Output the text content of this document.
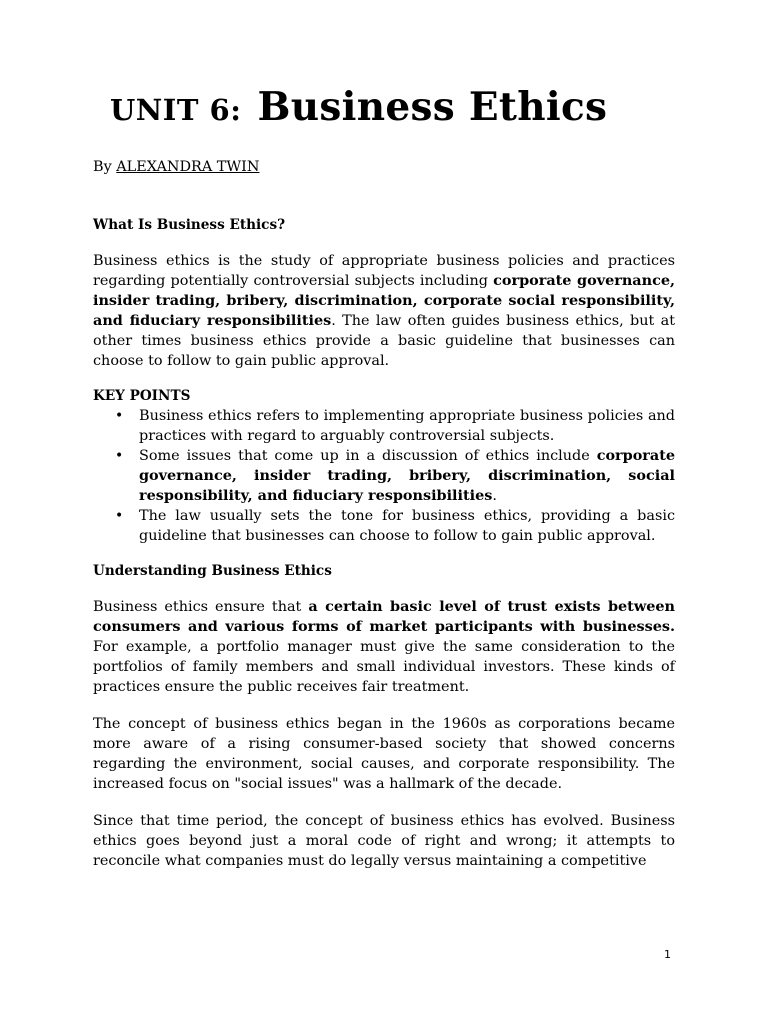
UNIT 6: Business Ethics

By ALEXANDRA TWIN

What Is Business Ethics?

Business ethics is the study of appropriate business policies and practices regarding potentially controversial subjects including corporate governance, insider trading, bribery, discrimination, corporate social responsibility, and fiduciary responsibilities. The law often guides business ethics, but at other times business ethics provide a basic guideline that businesses can choose to follow to gain public approval.

KEY POINTS
• Business ethics refers to implementing appropriate business policies and practices with regard to arguably controversial subjects.
• Some issues that come up in a discussion of ethics include corporate governance, insider trading, bribery, discrimination, social responsibility, and fiduciary responsibilities.
• The law usually sets the tone for business ethics, providing a basic guideline that businesses can choose to follow to gain public approval.
Understanding Business Ethics

Business ethics ensure that a certain basic level of trust exists between consumers and various forms of market participants with businesses. For example, a portfolio manager must give the same consideration to the portfolios of family members and small individual investors. These kinds of practices ensure the public receives fair treatment.

The concept of business ethics began in the 1960s as corporations became more aware of a rising consumer-based society that showed concerns regarding the environment, social causes, and corporate responsibility. The increased focus on "social issues" was a hallmark of the decade.

Since that time period, the concept of business ethics has evolved. Business ethics goes beyond just a moral code of right and wrong; it attempts to reconcile what companies must do legally versus maintaining a competitive

1
